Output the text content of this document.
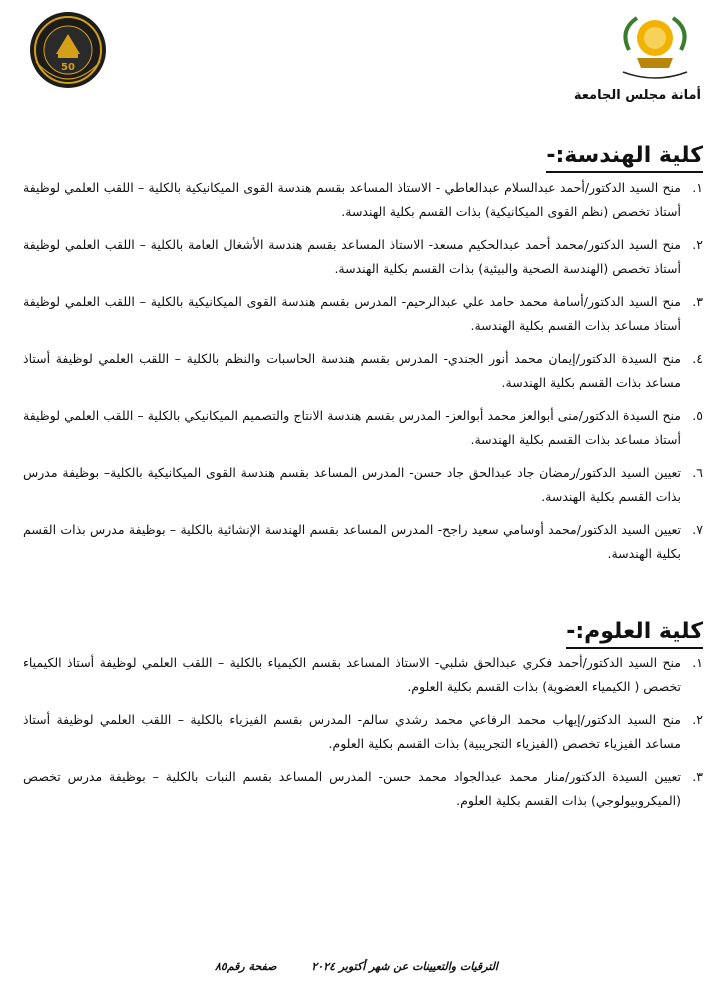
50
أمانة مجلس الجامعة
كلية الهندسة:-
١.
منح السيد الدكتور/أحمد عبدالسلام عبدالعاطي - الاستاذ المساعد بقسم هندسة القوى الميكانيكية بالكلية – اللقب العلمي لوظيفة أستاذ تخصص (نظم القوى الميكانيكية) بذات القسم بكلية الهندسة.
٢.
منح السيد الدكتور/محمد أحمد عبدالحكيم مسعد- الاستاذ المساعد بقسم هندسة الأشغال العامة بالكلية – اللقب العلمي لوظيفة أستاذ تخصص (الهندسة الصحية والبيئية) بذات القسم بكلية الهندسة.
٣.
منح السيد الدكتور/أسامة محمد حامد علي عبدالرحيم- المدرس بقسم هندسة القوى الميكانيكية بالكلية – اللقب العلمي لوظيفة أستاذ مساعد بذات القسم بكلية الهندسة.
٤.
منح السيدة الدكتور/إيمان محمد أنور الجندي- المدرس بقسم هندسة الحاسبات والنظم بالكلية – اللقب العلمي لوظيفة أستاذ مساعد بذات القسم بكلية الهندسة.
٥.
منح السيدة الدكتور/منى أبوالعز محمد أبوالعز- المدرس بقسم هندسة الانتاج والتصميم الميكانيكي بالكلية – اللقب العلمي لوظيفة أستاذ مساعد بذات القسم بكلية الهندسة.
٦.
تعيين السيد الدكتور/رمضان جاد عبدالحق جاد حسن- المدرس المساعد بقسم هندسة القوى الميكانيكية بالكلية– بوظيفة مدرس بذات القسم بكلية الهندسة.
٧.
تعيين السيد الدكتور/محمد أوسامي سعيد راجح- المدرس المساعد بقسم الهندسة الإنشائية بالكلية – بوظيفة مدرس بذات القسم بكلية الهندسة.
كلية العلوم:-
١.
منح السيد الدكتور/أحمد فكري عبدالحق شلبي- الاستاذ المساعد بقسم الكيمياء بالكلية – اللقب العلمي لوظيفة أستاذ الكيمياء تخصص ( الكيمياء العضوية) بذات القسم بكلية العلوم.
٢.
منح السيد الدكتور/إيهاب محمد الرفاعي محمد رشدي سالم- المدرس بقسم الفيزياء بالكلية – اللقب العلمي لوظيفة أستاذ مساعد الفيزياء تخصص (الفيزياء التجريبية) بذات القسم بكلية العلوم.
٣.
تعيين السيدة الدكتور/منار محمد عبدالجواد محمد حسن- المدرس المساعد بقسم النبات بالكلية – بوظيفة مدرس تخصص (الميكروبيولوجي) بذات القسم بكلية العلوم.
الترقيات والتعيينات عن شهر أكتوبر ٢٠٢٤
صفحة رقم٨٥
